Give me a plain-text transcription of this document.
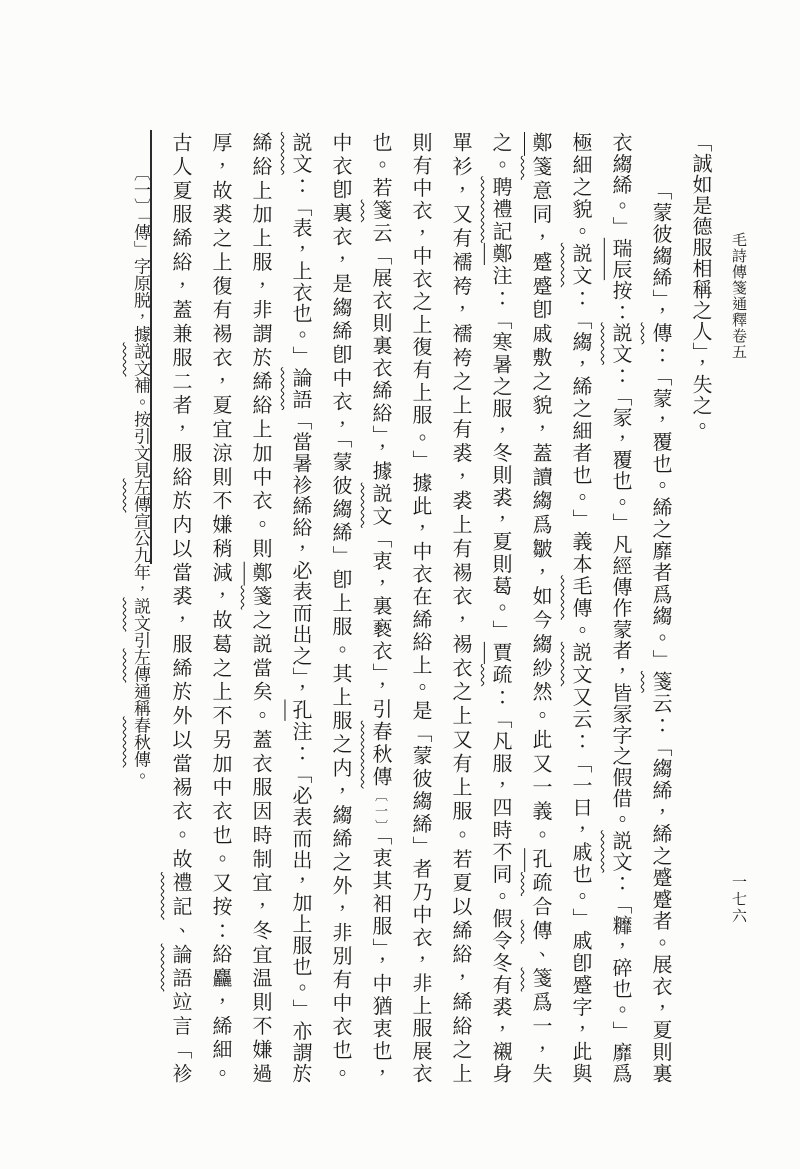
毛詩傳箋通釋卷五
一七六
「誠如是德服相稱之人」，失之。
「蒙彼縐絺」，傳：「蒙，覆也。絺之靡者爲縐。」箋云：「縐絺，絺之蹙蹙者。展衣，夏則裏
衣縐絺。」瑞辰按：説文：「冡，覆也。」凡經傳作蒙者，皆冡字之假借。説文：「䊳，碎也。」靡爲
極細之貌。説文：「縐，絺之細者也。」義本毛傳。説文又云：「一曰，戚也。」戚卽蹙字，此與
鄭箋意同，蹙蹙卽戚敷之貌，蓋讀縐爲皺，如今縐紗然。此又一義。孔疏合傳、箋爲一，失
之。聘禮記鄭注：「寒暑之服，冬則裘，夏則葛。」賈疏：「凡服，四時不同。假令冬有裘，襯身
單衫，又有襦袴，襦袴之上有裘，裘上有裼衣，裼衣之上又有上服。若夏以絺綌，絺綌之上
則有中衣，中衣之上復有上服。」據此，中衣在絺綌上。是「蒙彼縐絺」者乃中衣，非上服展衣
也。若箋云「展衣則裏衣絺綌」，據説文「衷，裏褻衣」，引春秋傳〔一〕「衷其衵服」，中猶衷也，
中衣卽裏衣，是縐絺卽中衣，「蒙彼縐絺」卽上服。其上服之内，縐絺之外，非別有中衣也。
説文：「表，上衣也。」論語「當暑袗絺綌，必表而出之」，孔注：「必表而出，加上服也。」亦謂於
絺綌上加上服，非謂於絺綌上加中衣。則鄭箋之説當矣。蓋衣服因時制宜，冬宜温則不嫌過
厚，故裘之上復有裼衣，夏宜涼則不嫌稍減，故葛之上不另加中衣也。又按：綌麤，絺細。
古人夏服絺綌，蓋兼服二者，服綌於内以當裘，服絺於外以當裼衣。故禮記、論語竝言「袗
〔一〕「傳」字原脱，據説文補。按引文見左傳宣公九年，説文引左傳通稱春秋傳。
